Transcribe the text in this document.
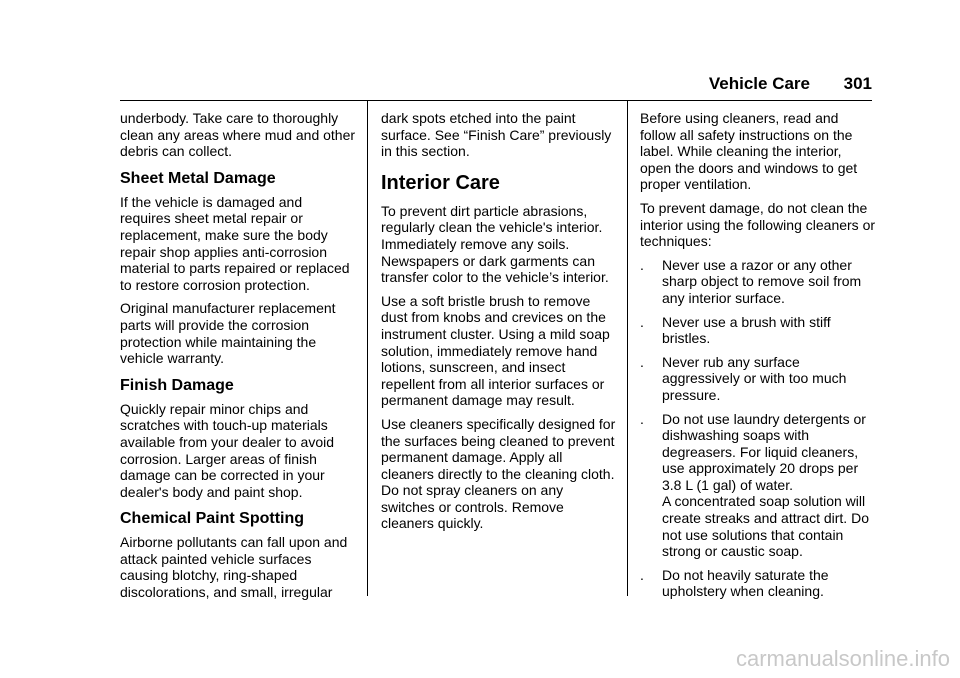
Vehicle Care 301

underbody. Take care to thoroughly clean any areas where mud and other debris can collect.

Sheet Metal Damage

If the vehicle is damaged and requires sheet metal repair or replacement, make sure the body repair shop applies anti-corrosion material to parts repaired or replaced to restore corrosion protection.

Original manufacturer replacement parts will provide the corrosion protection while maintaining the vehicle warranty.

Finish Damage

Quickly repair minor chips and scratches with touch-up materials available from your dealer to avoid corrosion. Larger areas of finish damage can be corrected in your dealer's body and paint shop.

Chemical Paint Spotting

Airborne pollutants can fall upon and attack painted vehicle surfaces causing blotchy, ring-shaped discolorations, and small, irregular

dark spots etched into the paint surface. See “Finish Care” previously in this section.

Interior Care

To prevent dirt particle abrasions, regularly clean the vehicle's interior. Immediately remove any soils. Newspapers or dark garments can transfer color to the vehicle’s interior.

Use a soft bristle brush to remove dust from knobs and crevices on the instrument cluster. Using a mild soap solution, immediately remove hand lotions, sunscreen, and insect repellent from all interior surfaces or permanent damage may result.

Use cleaners specifically designed for the surfaces being cleaned to prevent permanent damage. Apply all cleaners directly to the cleaning cloth. Do not spray cleaners on any switches or controls. Remove cleaners quickly.

Before using cleaners, read and follow all safety instructions on the label. While cleaning the interior, open the doors and windows to get proper ventilation.

To prevent damage, do not clean the interior using the following cleaners or techniques:

.	Never use a razor or any other sharp object to remove soil from any interior surface.
.	Never use a brush with stiff bristles.
.	Never rub any surface aggressively or with too much pressure.
.	Do not use laundry detergents or dishwashing soaps with degreasers. For liquid cleaners, use approximately 20 drops per 3.8 L (1 gal) of water.
A concentrated soap solution will create streaks and attract dirt. Do not use solutions that contain strong or caustic soap.
.	Do not heavily saturate the upholstery when cleaning.
carmanualsonline.info
